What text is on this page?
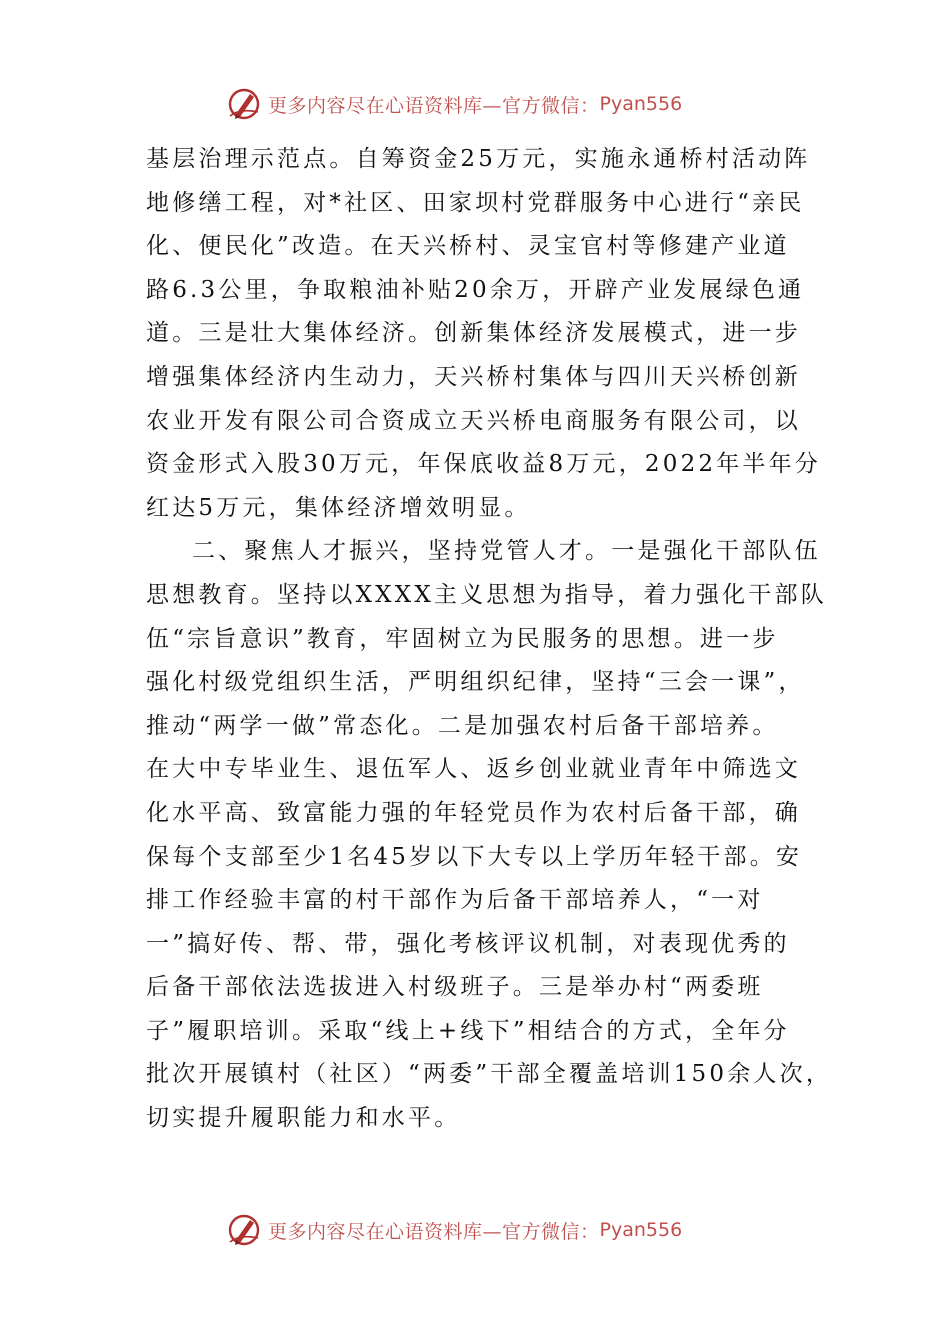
更多内容尽在心语资料库—官方微信： Pyan556
基层治理示范点。自筹资金25万元，实施永通桥村活动阵
地修缮工程，对*社区、田家坝村党群服务中心进行“亲民
化、便民化”改造。在天兴桥村、灵宝官村等修建产业道
路6.3公里，争取粮油补贴20余万，开辟产业发展绿色通
道。三是壮大集体经济。创新集体经济发展模式，进一步
增强集体经济内生动力，天兴桥村集体与四川天兴桥创新
农业开发有限公司合资成立天兴桥电商服务有限公司，以
资金形式入股30万元，年保底收益8万元，2022年半年分
红达5万元，集体经济增效明显。
二、聚焦人才振兴，坚持党管人才。一是强化干部队伍
思想教育。坚持以XXXX主义思想为指导，着力强化干部队
伍“宗旨意识”教育，牢固树立为民服务的思想。进一步
强化村级党组织生活，严明组织纪律，坚持“三会一课”，
推动“两学一做”常态化。二是加强农村后备干部培养。
在大中专毕业生、退伍军人、返乡创业就业青年中筛选文
化水平高、致富能力强的年轻党员作为农村后备干部，确
保每个支部至少1名45岁以下大专以上学历年轻干部。安
排工作经验丰富的村干部作为后备干部培养人，“一对
一”搞好传、帮、带，强化考核评议机制，对表现优秀的
后备干部依法选拔进入村级班子。三是举办村“两委班
子”履职培训。采取“线上+线下”相结合的方式，全年分
批次开展镇村（社区）“两委”干部全覆盖培训150余人次，
切实提升履职能力和水平。
更多内容尽在心语资料库—官方微信： Pyan556
